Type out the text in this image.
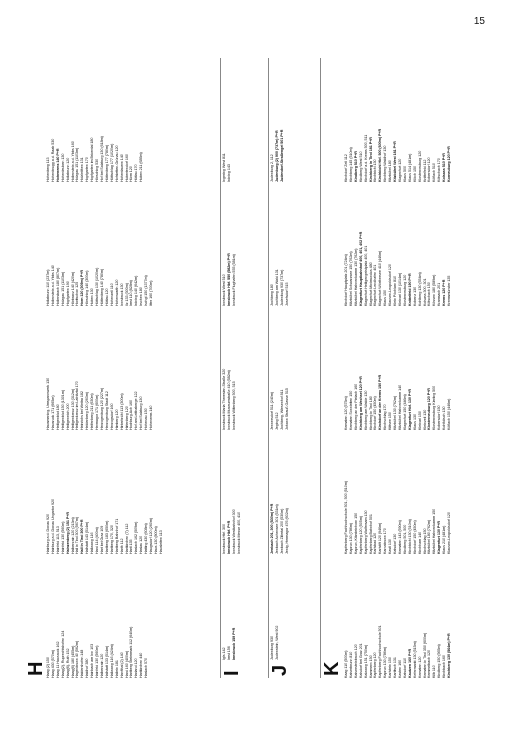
15
H Haag (2) 150 Haag 430 (570m) Haag 11 Hausruck 162 Haag(2), Ruprechtshofen 124 Haag(6), Ruth 152 Haag(6) 180 (455m) Hagenbrunn 40 (562m) Haidershofen 148 Haidhof 380 Hainbach am Inn 103 Hainfeld 130 (560m) Halbenrain 120 Hallstatt 133 (514m) Hallwang 116 (424m) Hallein 181 Hanfthal (2) 140 Hard 160 (400m) Hartberg Steiermark 112 (640m) Harland 120 Hartkirchen 440 Haslach 570
Hainburg a.d. Donau 920 Hainburg a.d. Donau Ungartor 920 Hainfeld 113, 513 Hainfeld 130 (560m) Hainzenberg (2) 151 P+R Halbenrain 120 (213m) Hall in Tirol 300 (567m) Hall in Tirol 300 P+R Hallstatt 143 (514m) Hallwang 116 Hard 114 (400m) Hart bei Graz 109 Hartberg 183 (650m) Hartberg 170, 320 Hartberg Bahnhof 171 Harth 112 Hartkirchen (7) 112 Hartl 135 Haslach 162 (509m) Haslau 120 Hatting 430 (608m) Haugsdorf 120 (260m) Haus 130 (800m) Hausleiten 113
Hausmening, Umspannwerk 130 Hausruck 171 (665m) Heiligenblut 180 Heiligenblut 150 (1301m) Heiligeneich 200 Heiligenkreuz 130 (312m) Heiligenkreuz im Lafnitztal 170 Heinrichs bei Weitra 182 Heldenberg 120 (263m) Helfenberg 211 (630m) Hermagor 171 (600m) Herzogenburg 120 (227m) Herzogenburg Stadt 112 Herzogsdorf 160 Himberg 120 Hinterbrühl 113 (300m) Hirtenberg 120 Hochburg-Ach 160 Hof am Leithaberge 122 Hof bei Salzburg 130 Hohenau 150 Hohenems 140
Hollabrunn 110 (237m) Hollenstein a.d. Ybbs 140 Hollersbach 180 (807m) Holzgau 151 (1103m) Hopfgarten 190 Hörbranz 140 (420m) Horitschon 125 Horn 120 (309m) P+R Hörsching 140 (300m) Huben 130 Hüttschlag 130 (1020m) Hüttenberg 140 (780m) Hüttau 120 Hohenzell 110 Hohenwarth 120 Innsbruck 130 Ilz 133 (300m) Imst 110 (828m) Irdning 140 (642m) Irschen 180 Ischgl 150 (1377m) Itter 160 (700m)
Hohenberg 113 Hohenbrugg a.d. Raab 530 Hohenems 140 P+R Hohenleuben 130 Hollabrunn 120 Hollenstein a.d. Ybbs 160 Holzgau 151 (1103m) Holzleithen 131 Hopfgarten 170 Hopfgarten im Brixental 180 Hörsching 530 Hof bei Salzburg 130 (618m) Hüttenberg 177 (780m) Hüttschlag 177 (1020m) Hofstetten-Grünau 120 Hohentauern 140 Hubertendorf 160 Hürm 120 Hüttau 170 Huben 211 (685m)
I
Igls 142 Imst 156 Innsbruck 159 P+R
Innsbruck Hbf. 300 Innsbruck Hbf. P+R Innsbruck Westbahnhof 300 Innsbruck Messe 400, 410
Innsbruck Maria Theresien-Straße 320 Innsbruck Museumstraße 410 (582m) Innsbruck Wiltenberg 500, 515
Innsbruck West 510 Innsbruck Hbf. 550 (582m) P+R Innsbruck Flughafen 555 (581m)
Ingering West 811 Irdning 143
J
Judenburg 930 Judenstein, West 902
Jenbach 201, 300 (530m) P+R Jenbach Achensee 301 (531m) Jenbach Zillertal 200 (530m) Jenig, Hermagor 476 (602m)
Jennersdorf 511 (240m) Jeging 512 Jochberg, Wiesenhof 811 Johann Strauß Gasse 515
Jochberg 180 Jochberg am Wald 131 Judenburg 930 (737m) Josefsdorf 515
Judenburg 2, 112 Judenburg (2) 900 (737m) P+R Judendorf-Straßengel 501 P+R
K Kaag 110 (500m) Kaiserbrunn 810 Kaisersteinbruch 120 Kalsdorf bei Graz 201 Kalwang 151 (750m) Kammern 150 Kapfenberg 120 Kapfenberg Fachhochschule 501 Kaprun 130 (786m) Karlstein 150 Kartitsch 131 Kasten 160 Katsdorf 110 Kautzen 160 P+R Kefermarkt 130 (515m) Kematen 120 Kematen in Tirol 350 (600m) Kemmelbach 120 Kilb 110 Kindberg 150 (565m) Kirchbach 160 Kirchberg 130 (564m) P+R
Kapfenberg Fachhochschule 501, 500 (510m) Kaprun 130 (786m) Kaprun, Kitzsteinhorn 150 Kapfenberg 120 (505m) Kapfenberg Walfersam 130 Kapfenberg Bahnhof 501 Karlsbad 120 Karlstift 120 (946m) Karnabrunn 170 Kastl 130 Katsdorf 130 Kematen 143 (590m) Kindberg 501, 500 Kirchbichl 130 (510m) Kirchdorf 150 (450m) Kirchham 140 Kirchschlag 150 Kitzbühel 180 (762m) Kitzbühel Hahnenkamm 150 Klagenfurt 130 P+R Klaus 210 (481m) Klausen-Leopoldsdorf 120
Kematen 120 (575m) Kematen Sonnleiten 150 Kirchberg an der Pielach 160 Kirchberg am Wechsel 120 P+R Kirchberg am Walde 130 Kirchberg in Tirol 180 Kirchdorf 150 (450m) Kirchdorf an der Krems 150 P+R Kirchschlag 170 Kittsee 150 Kitzbühel 130 (762m) Kitzbühel Hahnenkamm 140 Klagenfurt 150 (446m) Klagenfurt Hbf. 130 P+R Klaus 130 Kleinarl 150 Kleinzell 130 Klosterneuburg 120 P+R Klosterneuburg Kierling 500 Kobersdorf 150 Kohfidisch 130 Köflach 150 (446m)
Kirchdorf Hauptplatz 201 (724m) Kitzbühel Schwarzsee 150 (762m) Kitzbühel Hahnenkamm 130 (762m) Klagenfurt Hauptbahnhof 400, 401, 402 P+R Klagenfurt Heiligengeistplatz 400, 401 Klagenfurt Minimundus 480 Klagenfurt Lendhafen 401 Klagenfurt Wörthersee 410 (446m) Klaus 150 Klausen-Leopoldsdorf 120 Klein Pöchlarn 810 Kleinarl 130 (1014m) Klosterneuburg 120 Knittelfeld 190 P+R Kobenz 130 Kohlberg 130 (554m) Kolsass 300, 301 Kötschach 150 Kössen 180 (589m) Kramsach 201 Krems 120 P+R Kremsmünster 135
Kirchdorf Zell 112 Kirchberg 145 (510m) Kindberg 510 P+R Kindberg West 510 Kirchdorf a.d. Krems 500, 511 Kirchberg in Tirol 181 P+R Kirchbichl 130 Kirchbichl Hbf. 500 (600m) P+R Kirchberg Waldhof 130 Kitzbühel 180 Kitzbühel West 181 P+R Klagenfurt 120 Klaus 500 Klaus 514 (481m) Klöch 150 Klosterneuburg 120 Knittelfeld 112 Kobersdorf 120 Köflach 510 Kötschach 170 Kolsass 510 P+R Korneuburg 120 P+R
